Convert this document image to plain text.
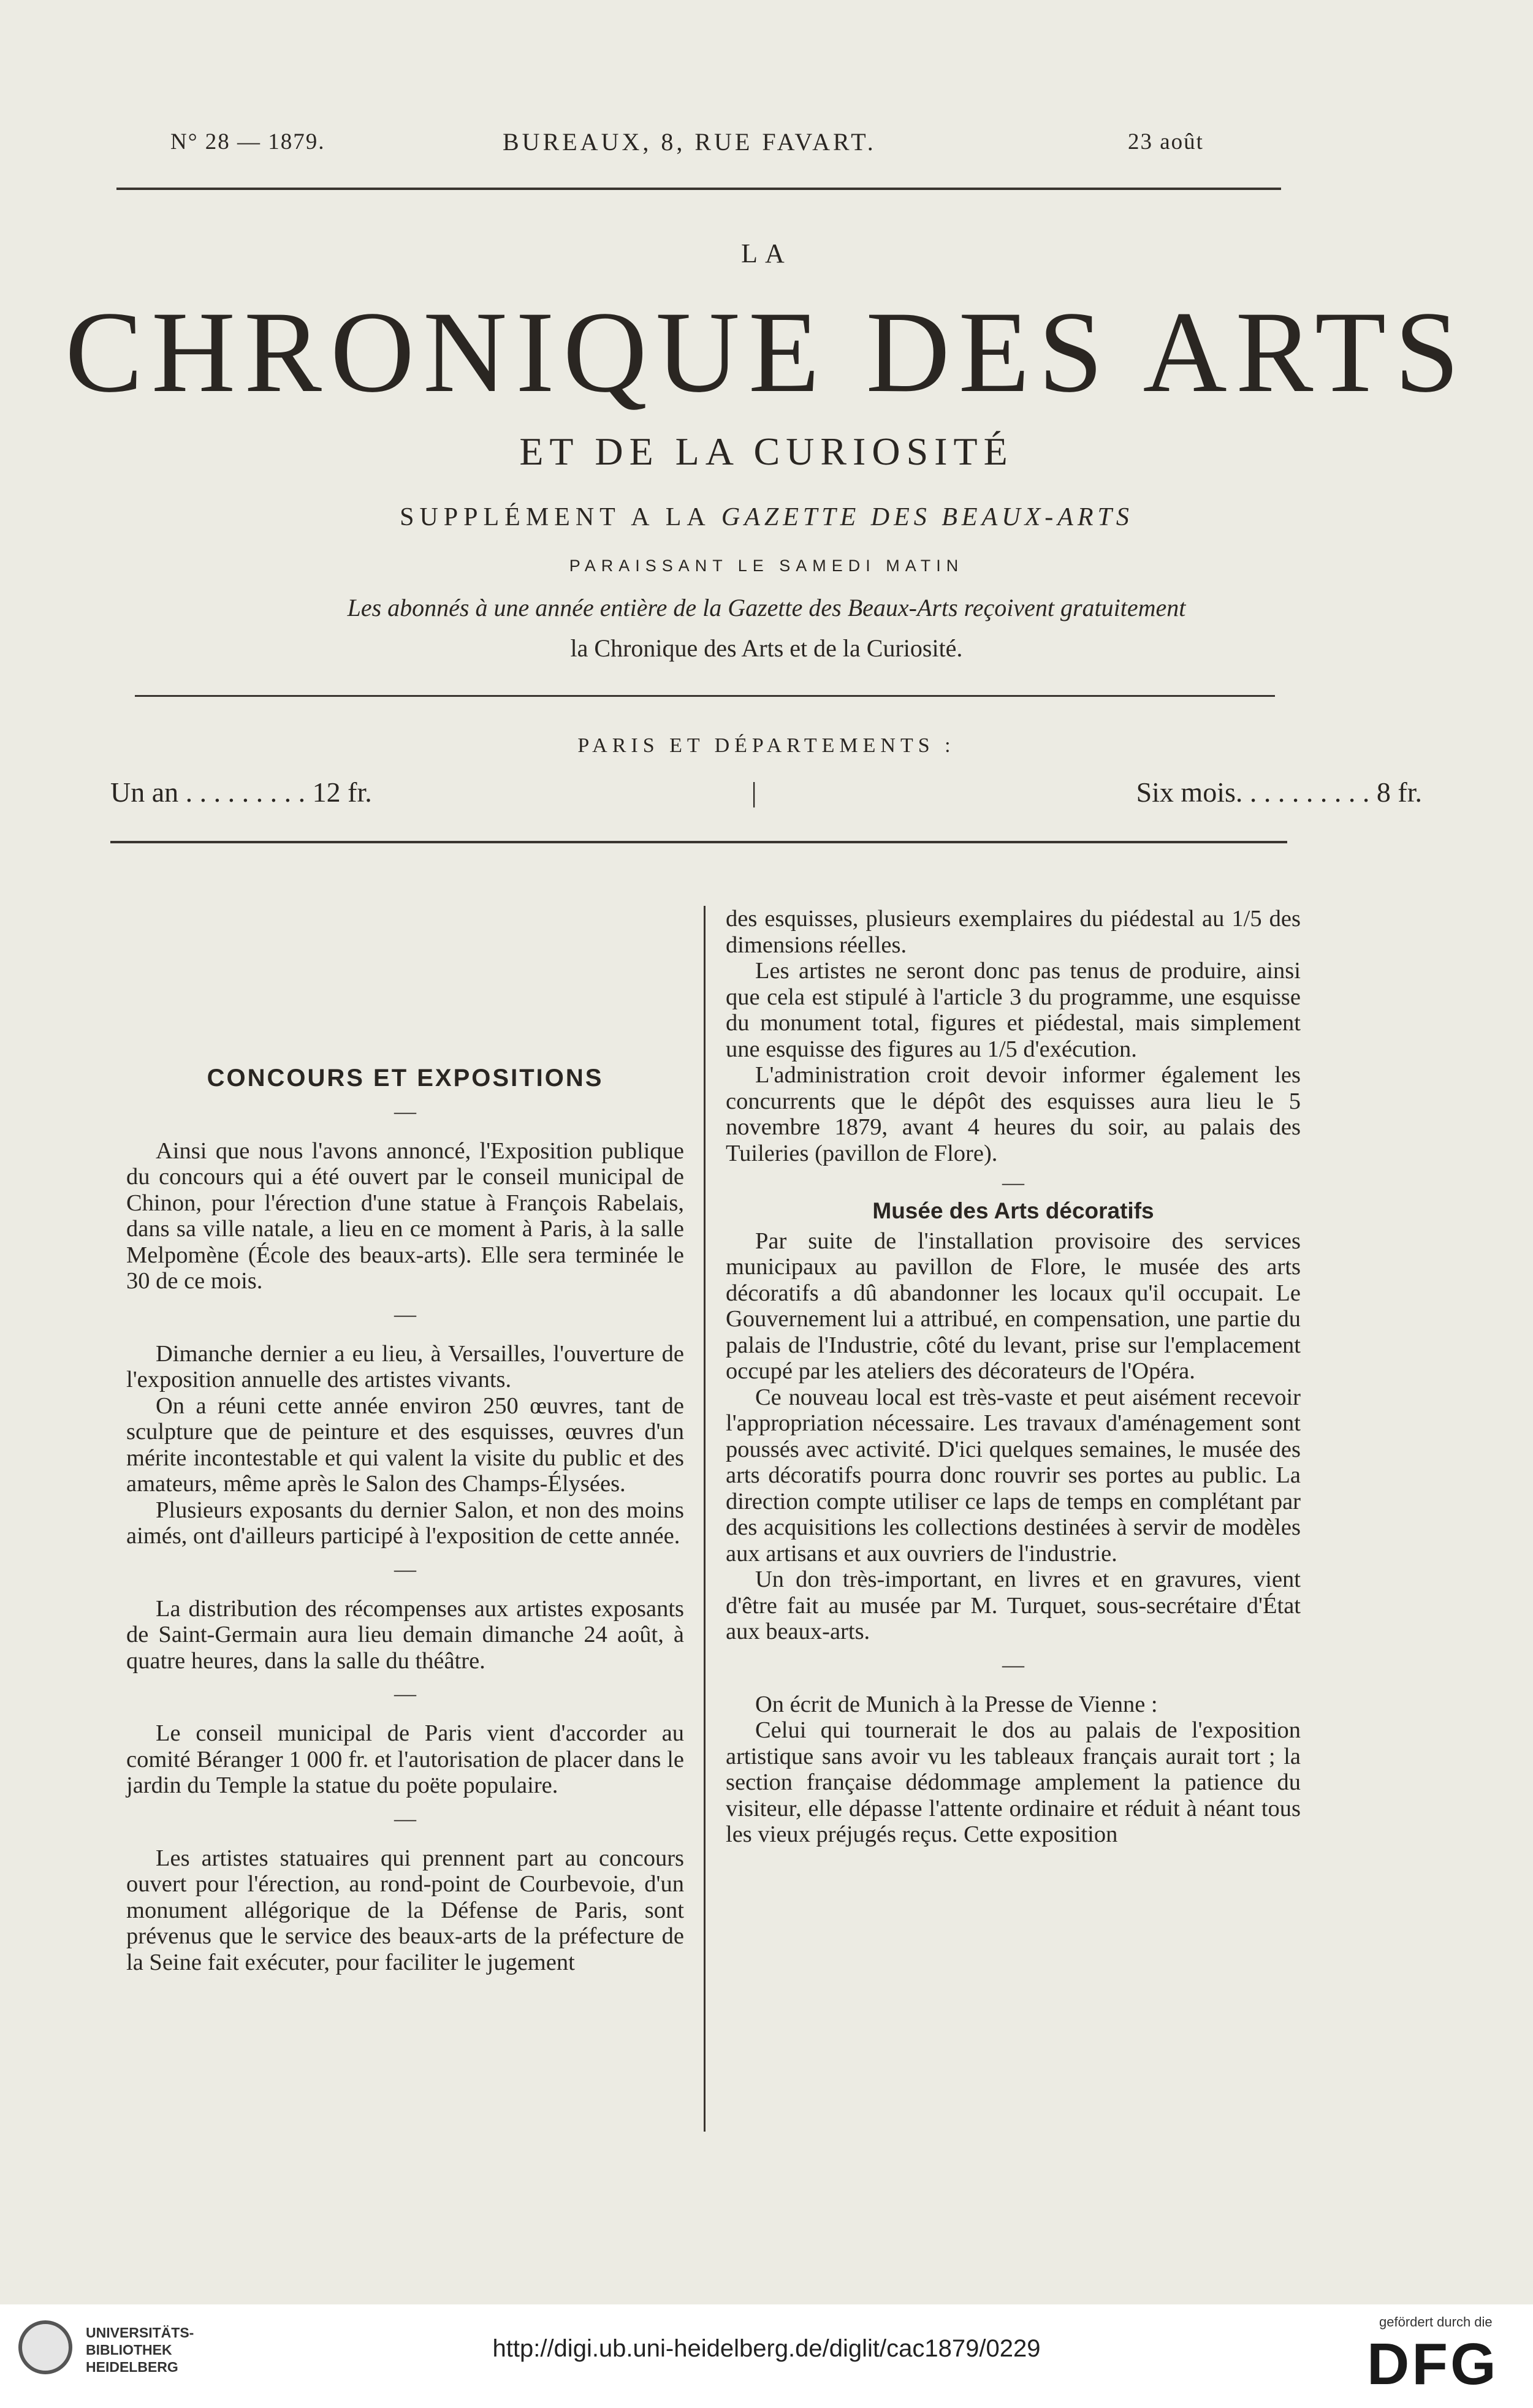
N° 28 — 1879.	BUREAUX, 8, RUE FAVART.	23 août
LA
CHRONIQUE DES ARTS
ET DE LA CURIOSITÉ
SUPPLÉMENT A LA GAZETTE DES BEAUX-ARTS
PARAISSANT LE SAMEDI MATIN
Les abonnés à une année entière de la Gazette des Beaux-Arts reçoivent gratuitement
la Chronique des Arts et de la Curiosité.
PARIS ET DÉPARTEMENTS :
Un an . . . . . . . . . 12 fr.	|	Six mois. . . . . . . . . . 8 fr.
CONCOURS ET EXPOSITIONS
—

Ainsi que nous l'avons annoncé, l'Exposition publique du concours qui a été ouvert par le conseil municipal de Chinon, pour l'érection d'une statue à François Rabelais, dans sa ville natale, a lieu en ce moment à Paris, à la salle Melpomène (École des beaux-arts). Elle sera terminée le 30 de ce mois.

—

Dimanche dernier a eu lieu, à Versailles, l'ouverture de l'exposition annuelle des artistes vivants.

On a réuni cette année environ 250 œuvres, tant de sculpture que de peinture et des esquisses, œuvres d'un mérite incontestable et qui valent la visite du public et des amateurs, même après le Salon des Champs-Élysées.

Plusieurs exposants du dernier Salon, et non des moins aimés, ont d'ailleurs participé à l'exposition de cette année.

—

La distribution des récompenses aux artistes exposants de Saint-Germain aura lieu demain dimanche 24 août, à quatre heures, dans la salle du théâtre.

—

Le conseil municipal de Paris vient d'accorder au comité Béranger 1 000 fr. et l'autorisation de placer dans le jardin du Temple la statue du poëte populaire.

—

Les artistes statuaires qui prennent part au concours ouvert pour l'érection, au rond-point de Courbevoie, d'un monument allégorique de la Défense de Paris, sont prévenus que le service des beaux-arts de la préfecture de la Seine fait exécuter, pour faciliter le jugement

des esquisses, plusieurs exemplaires du piédestal au 1/5 des dimensions réelles.

Les artistes ne seront donc pas tenus de produire, ainsi que cela est stipulé à l'article 3 du programme, une esquisse du monument total, figures et piédestal, mais simplement une esquisse des figures au 1/5 d'exécution.

L'administration croit devoir informer également les concurrents que le dépôt des esquisses aura lieu le 5 novembre 1879, avant 4 heures du soir, au palais des Tuileries (pavillon de Flore).

—
Musée des Arts décoratifs

Par suite de l'installation provisoire des services municipaux au pavillon de Flore, le musée des arts décoratifs a dû abandonner les locaux qu'il occupait. Le Gouvernement lui a attribué, en compensation, une partie du palais de l'Industrie, côté du levant, prise sur l'emplacement occupé par les ateliers des décorateurs de l'Opéra.

Ce nouveau local est très-vaste et peut aisément recevoir l'appropriation nécessaire. Les travaux d'aménagement sont poussés avec activité. D'ici quelques semaines, le musée des arts décoratifs pourra donc rouvrir ses portes au public. La direction compte utiliser ce laps de temps en complétant par des acquisitions les collections destinées à servir de modèles aux artisans et aux ouvriers de l'industrie.

Un don très-important, en livres et en gravures, vient d'être fait au musée par M. Turquet, sous-secrétaire d'État aux beaux-arts.

—

On écrit de Munich à la Presse de Vienne :

Celui qui tournerait le dos au palais de l'exposition artistique sans avoir vu les tableaux français aurait tort ; la section française dédommage amplement la patience du visiteur, elle dépasse l'attente ordinaire et réduit à néant tous les vieux préjugés reçus. Cette exposition

UNIVERSITÄTS-
BIBLIOTHEK
HEIDELBERG
http://digi.ub.uni-heidelberg.de/diglit/cac1879/0229
gefördert durch die
DFG
